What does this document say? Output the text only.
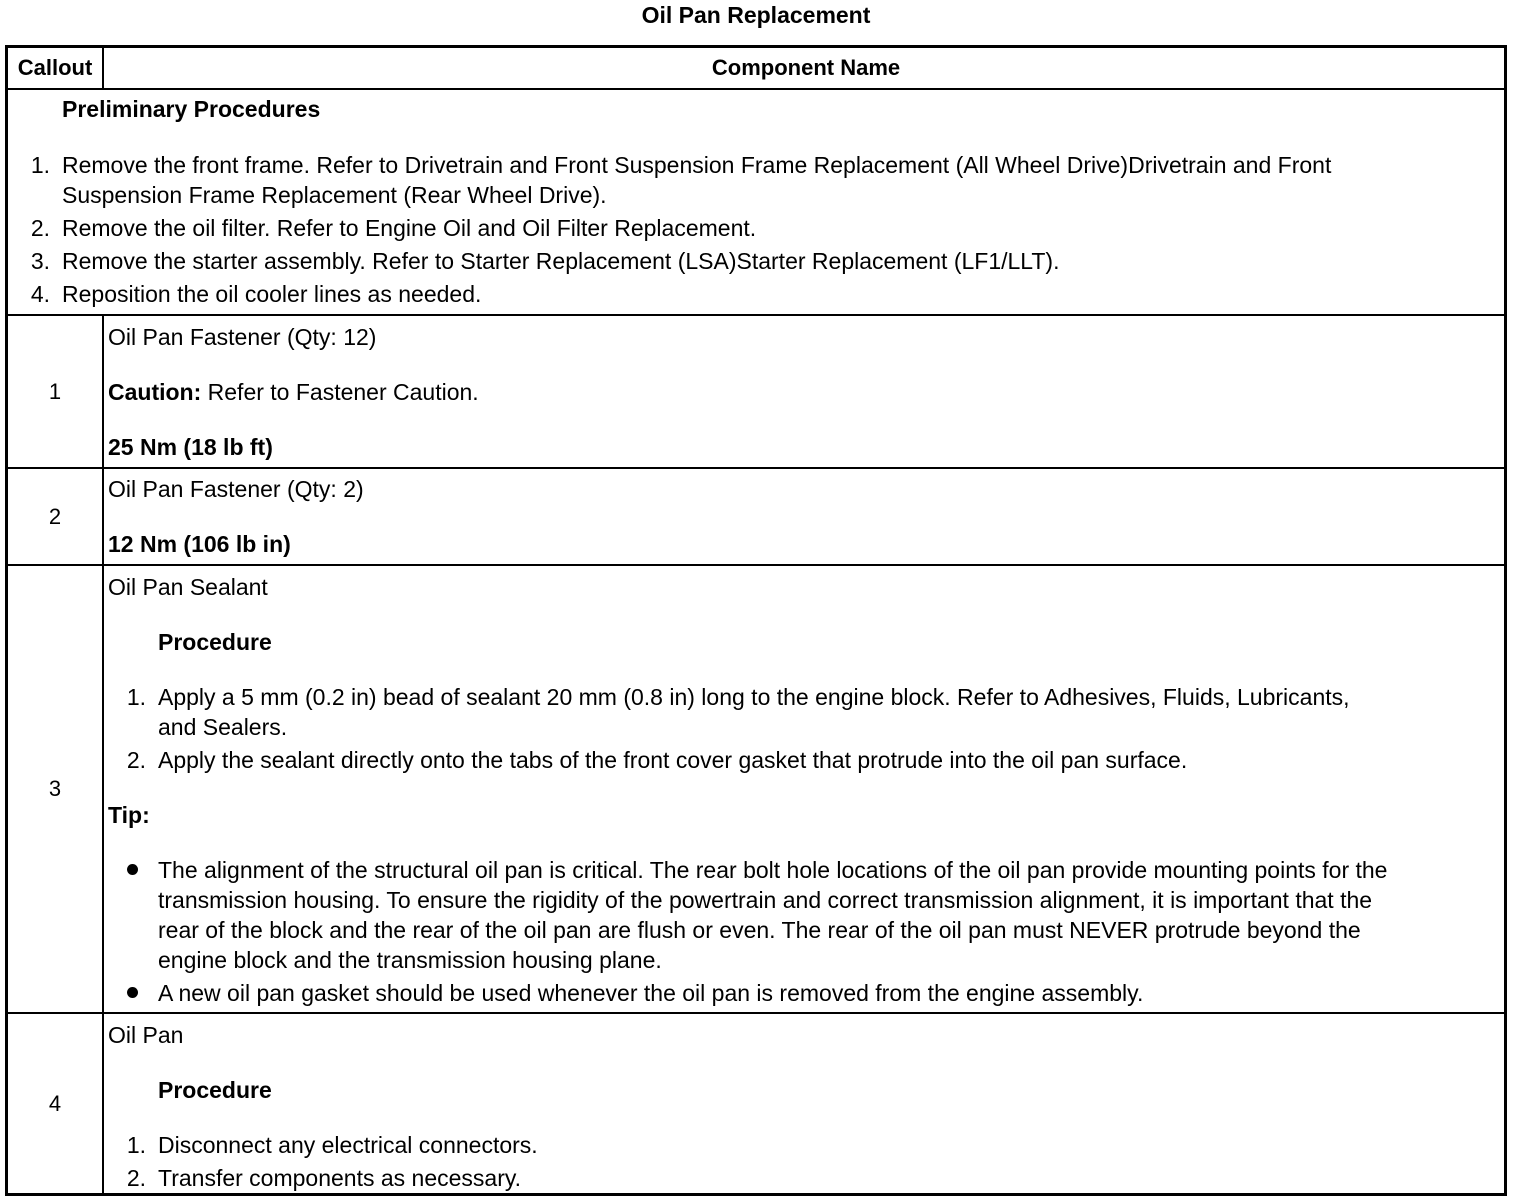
Oil Pan Replacement
Callout	Component Name
Preliminary Procedures
1. Remove the front frame. Refer to Drivetrain and Front Suspension Frame Replacement (All Wheel Drive)Drivetrain and Front
Suspension Frame Replacement (Rear Wheel Drive).
2. Remove the oil filter. Refer to Engine Oil and Oil Filter Replacement.
3. Remove the starter assembly. Refer to Starter Replacement (LSA)Starter Replacement (LF1/LLT).
4. Reposition the oil cooler lines as needed.
1
Oil Pan Fastener (Qty: 12)
Caution: Refer to Fastener Caution.
25 Nm (18 lb ft)
2
Oil Pan Fastener (Qty: 2)
12 Nm (106 lb in)
3
Oil Pan Sealant
Procedure
1. Apply a 5 mm (0.2 in) bead of sealant 20 mm (0.8 in) long to the engine block. Refer to Adhesives, Fluids, Lubricants,
and Sealers.
2. Apply the sealant directly onto the tabs of the front cover gasket that protrude into the oil pan surface.
Tip:
The alignment of the structural oil pan is critical. The rear bolt hole locations of the oil pan provide mounting points for the
transmission housing. To ensure the rigidity of the powertrain and correct transmission alignment, it is important that the
rear of the block and the rear of the oil pan are flush or even. The rear of the oil pan must NEVER protrude beyond the
engine block and the transmission housing plane.
A new oil pan gasket should be used whenever the oil pan is removed from the engine assembly.
4
Oil Pan
Procedure
1. Disconnect any electrical connectors.
2. Transfer components as necessary.
